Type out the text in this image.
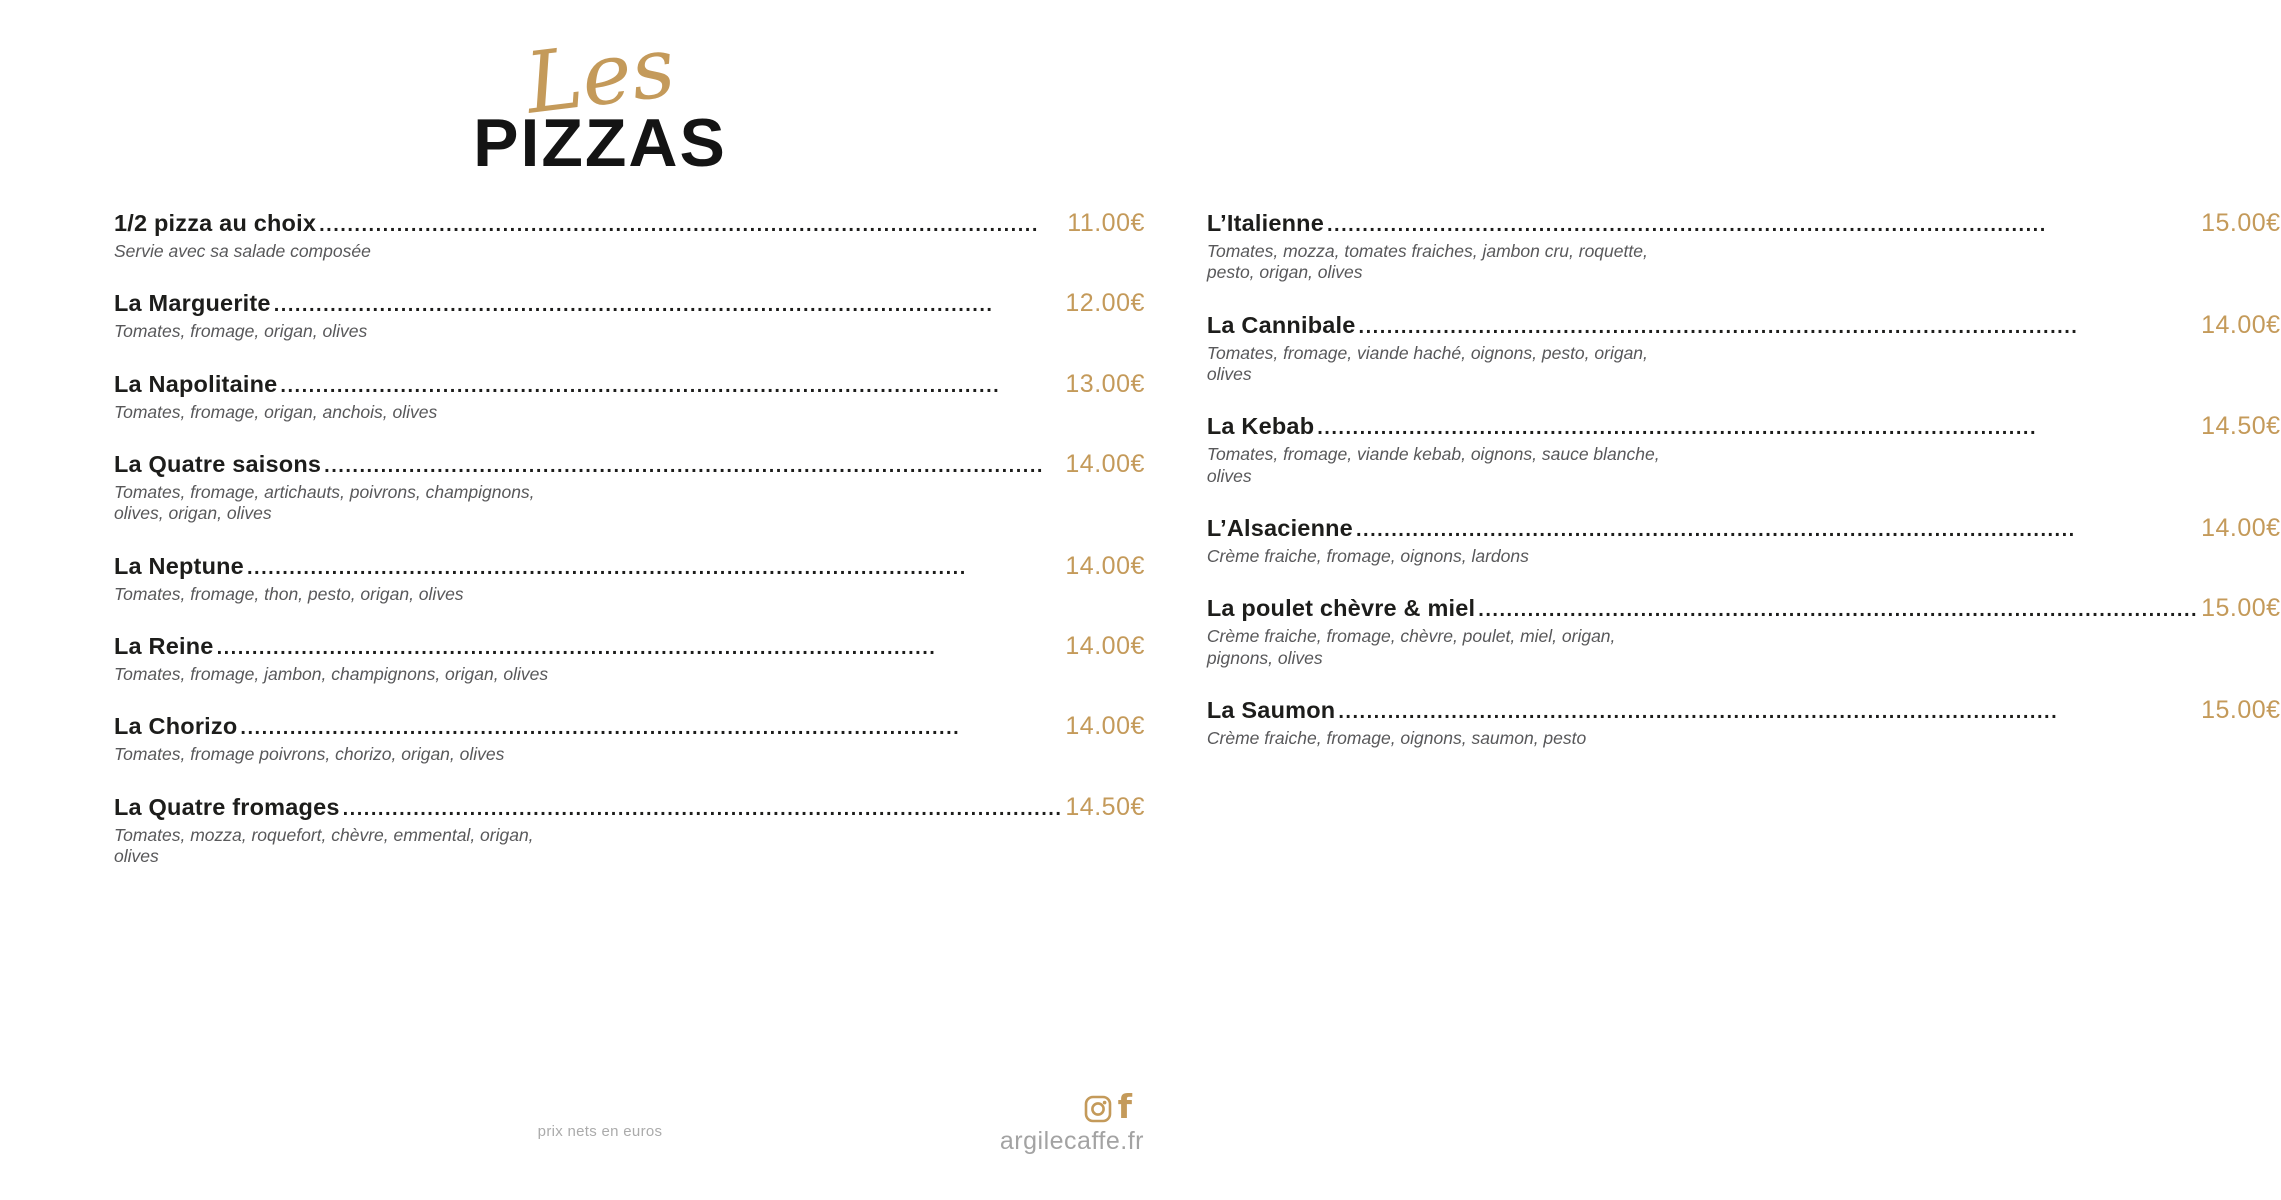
Les
PIZZAS
1/2 pizza au choix .....	11.00€
Servie avec sa salade composée
La Marguerite .....	12.00€
Tomates, fromage, origan, olives
La Napolitaine .....	13.00€
Tomates, fromage, origan, anchois, olives
La Quatre saisons .....	14.00€
Tomates, fromage, artichauts, poivrons, champignons, olives, origan, olives
La Neptune .....	14.00€
Tomates, fromage, thon, pesto, origan, olives
La Reine .....	14.00€
Tomates, fromage, jambon, champignons, origan, olives
La Chorizo .....	14.00€
Tomates, fromage poivrons, chorizo, origan, olives
La Quatre fromages .....	14.50€
Tomates, mozza, roquefort, chèvre, emmental, origan, olives
L’Italienne .....	15.00€
Tomates, mozza, tomates fraiches, jambon cru, roquette, pesto, origan, olives
La Cannibale .....	14.00€
Tomates, fromage, viande haché, oignons, pesto, origan, olives
La Kebab .....	14.50€
Tomates, fromage, viande kebab, oignons, sauce blanche, olives
L’Alsacienne .....	14.00€
Crème fraiche, fromage, oignons, lardons
La poulet chèvre & miel .....	15.00€
Crème fraiche, fromage, chèvre, poulet, miel, origan, pignons, olives
La Saumon .....	15.00€
Crème fraiche, fromage, oignons, saumon, pesto
prix nets en euros
f
argilecaffe.fr
